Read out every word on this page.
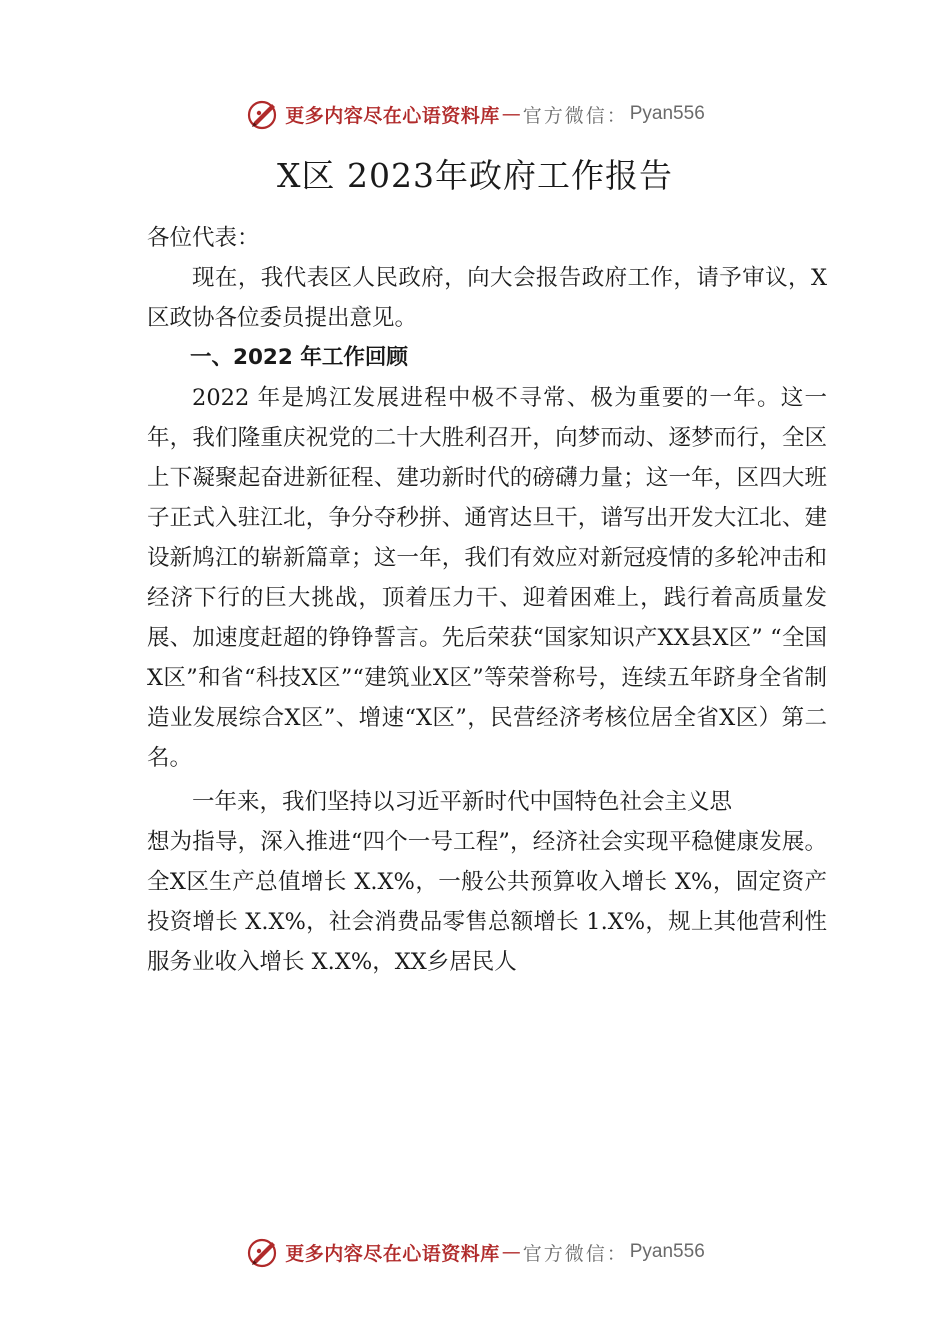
更多内容尽在心语资料库 — 官方微信： Pyan556
X区 2023年政府工作报告

各位代表：

现在，我代表区人民政府，向大会报告政府工作，请予审议，X区政协各位委员提出意见。

一、2022 年工作回顾

2022 年是鸠江发展进程中极不寻常、极为重要的一年。这一年，我们隆重庆祝党的二十大胜利召开，向梦而动、逐梦而行，全区上下凝聚起奋进新征程、建功新时代的磅礴力量；这一年，区四大班子正式入驻江北，争分夺秒拼、通宵达旦干，谱写出开发大江北、建设新鸠江的崭新篇章；这一年，我们有效应对新冠疫情的多轮冲击和经济下行的巨大挑战，顶着压力干、迎着困难上，践行着高质量发展、加速度赶超的铮铮誓言。先后荣获“国家知识产XX县X区” “全国X区”和省“科技X区”“建筑业X区”等荣誉称号，连续五年跻身全省制造业发展综合X区”、增速“X区”，民营经济考核位居全省X区）第二名。

一年来，我们坚持以习近平新时代中国特色社会主义思

想为指导，深入推进“四个一号工程”，经济社会实现平稳健康发展。全X区生产总值增长 X.X%，一般公共预算收入增长 X%，固定资产投资增长 X.X%，社会消费品零售总额增长 1.X%，规上其他营利性服务业收入增长 X.X%，XX乡居民人

更多内容尽在心语资料库 — 官方微信： Pyan556
